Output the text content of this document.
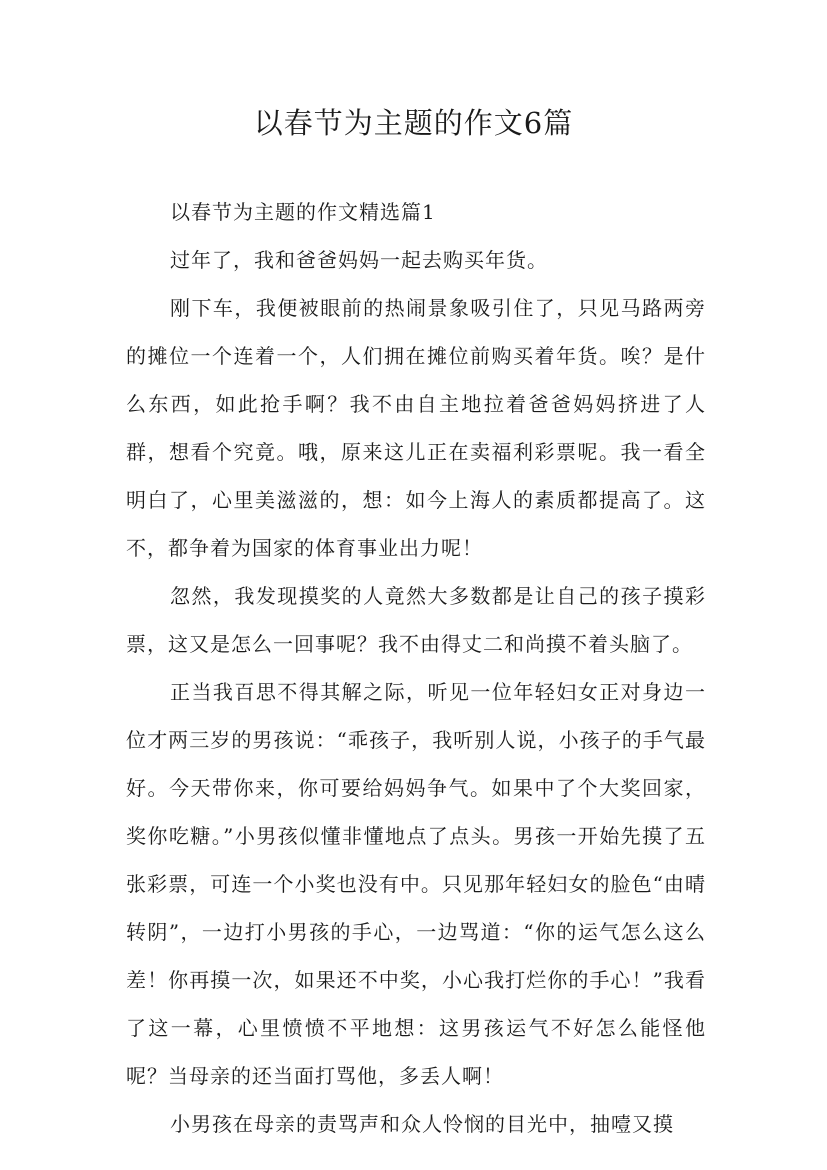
以春节为主题的作文6篇

以春节为主题的作文精选篇1

过年了，我和爸爸妈妈一起去购买年货。

刚下车，我便被眼前的热闹景象吸引住了，只见马路两旁的摊位一个连着一个，人们拥在摊位前购买着年货。唉？是什么东西，如此抢手啊？我不由自主地拉着爸爸妈妈挤进了人群，想看个究竟。哦，原来这儿正在卖福利彩票呢。我一看全明白了，心里美滋滋的，想：如今上海人的素质都提高了。这不，都争着为国家的体育事业出力呢！

忽然，我发现摸奖的人竟然大多数都是让自己的孩子摸彩票，这又是怎么一回事呢？我不由得丈二和尚摸不着头脑了。

正当我百思不得其解之际，听见一位年轻妇女正对身边一位才两三岁的男孩说：“乖孩子，我听别人说，小孩子的手气最好。今天带你来，你可要给妈妈争气。如果中了个大奖回家，奖你吃糖。”小男孩似懂非懂地点了点头。男孩一开始先摸了五张彩票，可连一个小奖也没有中。只见那年轻妇女的脸色“由晴转阴”，一边打小男孩的手心，一边骂道：“你的运气怎么这么差！你再摸一次，如果还不中奖，小心我打烂你的手心！”我看了这一幕，心里愤愤不平地想：这男孩运气不好怎么能怪他呢？当母亲的还当面打骂他，多丢人啊！

小男孩在母亲的责骂声和众人怜悯的目光中，抽噎又摸
